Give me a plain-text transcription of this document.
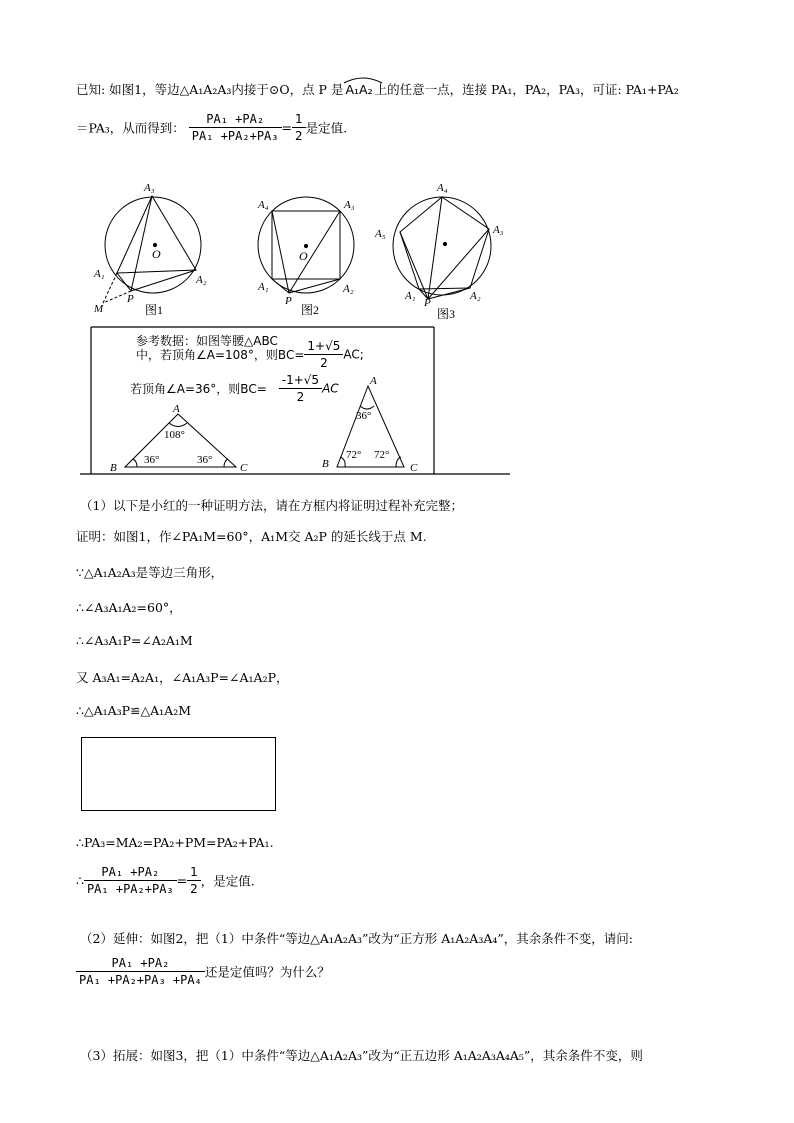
已知: 如图1，等边△A₁A₂A₃内接于⊙O，点 P 是 A₁A₂ 上的任意一点，连接 PA₁，PA₂，PA₃，可证: PA₁+PA₂
＝PA₃，从而得到： $\frac{\text{PA₁ +PA₂}}{\text{PA₁ +PA₂+PA₃}} = \frac{1}{2}$ 是定值.
A₃
O
A₁	A₂
P
M	图1
A₄	A₃
O
A₁	A₂
P
图2
A₄
A₃
A₅
A₁	A₂
P
图3
A
108°
36°	36°
B	C
A
36°
72° 72°
B	C
参考数据：如图等腰△ABC
中，若顶角∠A=108°，则$BC= \frac{1+√5}{2}$ AC;
若顶角∠A=36°，则$BC= \frac{-1+√5}{2}$ AC
（1）以下是小红的一种证明方法，请在方框内将证明过程补充完整；
证明：如图1，作∠PA₁M=60°，A₁M交 A₂P 的延长线于点 M.
∵△A₁A₂A₃是等边三角形，
∴∠A₃A₁A₂=60°，
∴∠A₃A₁P=∠A₂A₁M
又 A₃A₁=A₂A₁，∠A₁A₃P=∠A₁A₂P，
∴△A₁A₃P≌△A₁A₂M
∴PA₃=MA₂=PA₂+PM=PA₂+PA₁.
∴ $\frac{\text{PA₁ +PA₂}}{\text{PA₁ +PA₂+PA₃}} = \frac{1}{2}$ ，是定值.
（2）延伸：如图2，把（1）中条件“等边△A₁A₂A₃”改为“正方形 A₁A₂A₃A₄”，其余条件不变，请问:
$\frac{\text{PA₁ +PA₂}}{\text{PA₁ +PA₂+PA₃ +PA₄}}$ 还是定值吗？为什么？
（3）拓展：如图3，把（1）中条件“等边△A₁A₂A₃”改为“正五边形 A₁A₂A₃A₄A₅”，其余条件不变，则
